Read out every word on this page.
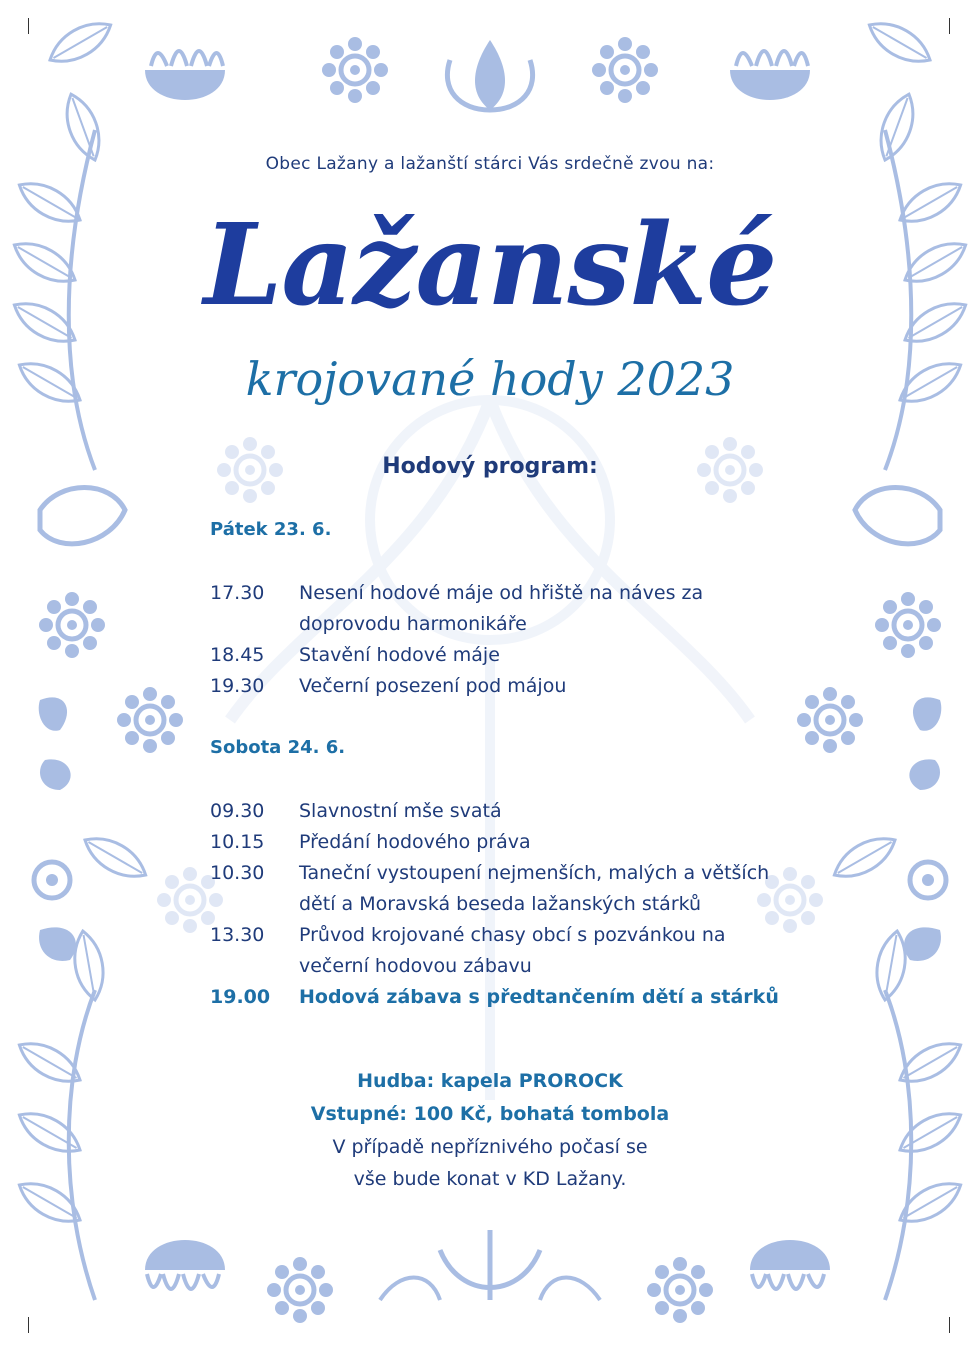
Obec Lažany a lažanští stárci Vás srdečně zvou na:
Lažanské
krojované hody 2023
Hodový program:
Pátek 23. 6.
17.30	Nesení hodové máje od hřiště na náves za
doprovodu harmonikáře
18.45	Stavění hodové máje
19.30	Večerní posezení pod májou
Sobota 24. 6.
09.30	Slavnostní mše svatá
10.15	Předání hodového práva
10.30	Taneční vystoupení nejmenších, malých a větších
dětí a Moravská beseda lažanských stárků
13.30	Průvod krojované chasy obcí s pozvánkou na
večerní hodovou zábavu
19.00	Hodová zábava s předtančením dětí a stárků
Hudba: kapela PROROCK
Vstupné: 100 Kč, bohatá tombola
V případě nepříznivého počasí se
vše bude konat v KD Lažany.
